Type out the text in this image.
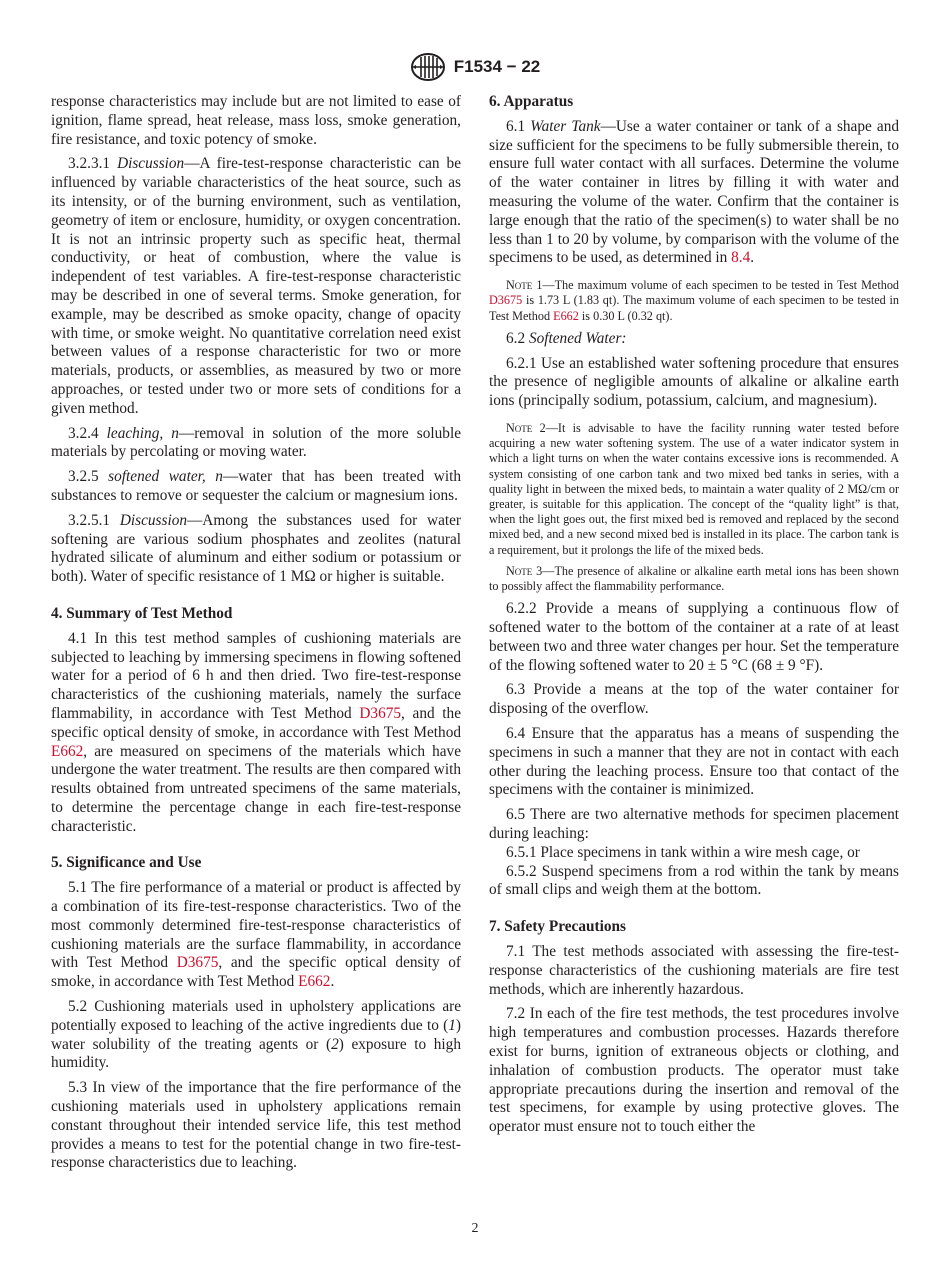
F1534 − 22

response characteristics may include but are not limited to ease of ignition, flame spread, heat release, mass loss, smoke generation, fire resistance, and toxic potency of smoke.

3.2.3.1 Discussion—A fire-test-response characteristic can be influenced by variable characteristics of the heat source, such as its intensity, or of the burning environment, such as ventilation, geometry of item or enclosure, humidity, or oxygen concentration. It is not an intrinsic property such as specific heat, thermal conductivity, or heat of combustion, where the value is independent of test variables. A fire-test-response characteristic may be described in one of several terms. Smoke generation, for example, may be described as smoke opacity, change of opacity with time, or smoke weight. No quantitative correlation need exist between values of a response characteristic for two or more materials, products, or assemblies, as measured by two or more approaches, or tested under two or more sets of conditions for a given method.

3.2.4 leaching, n—removal in solution of the more soluble materials by percolating or moving water.

3.2.5 softened water, n—water that has been treated with substances to remove or sequester the calcium or magnesium ions.

3.2.5.1 Discussion—Among the substances used for water softening are various sodium phosphates and zeolites (natural hydrated silicate of aluminum and either sodium or potassium or both). Water of specific resistance of 1 MΩ or higher is suitable.

4. Summary of Test Method

4.1 In this test method samples of cushioning materials are subjected to leaching by immersing specimens in flowing softened water for a period of 6 h and then dried. Two fire-test-response characteristics of the cushioning materials, namely the surface flammability, in accordance with Test Method D3675, and the specific optical density of smoke, in accordance with Test Method E662, are measured on specimens of the materials which have undergone the water treatment. The results are then compared with results obtained from untreated specimens of the same materials, to determine the percentage change in each fire-test-response characteristic.

5. Significance and Use

5.1 The fire performance of a material or product is affected by a combination of its fire-test-response characteristics. Two of the most commonly determined fire-test-response characteristics of cushioning materials are the surface flammability, in accordance with Test Method D3675, and the specific optical density of smoke, in accordance with Test Method E662.

5.2 Cushioning materials used in upholstery applications are potentially exposed to leaching of the active ingredients due to (1) water solubility of the treating agents or (2) exposure to high humidity.

5.3 In view of the importance that the fire performance of the cushioning materials used in upholstery applications remain constant throughout their intended service life, this test method provides a means to test for the potential change in two fire-test-response characteristics due to leaching.

6. Apparatus

6.1 Water Tank—Use a water container or tank of a shape and size sufficient for the specimens to be fully submersible therein, to ensure full water contact with all surfaces. Determine the volume of the water container in litres by filling it with water and measuring the volume of the water. Confirm that the container is large enough that the ratio of the specimen(s) to water shall be no less than 1 to 20 by volume, by comparison with the volume of the specimens to be used, as determined in 8.4.

Note 1—The maximum volume of each specimen to be tested in Test Method D3675 is 1.73 L (1.83 qt). The maximum volume of each specimen to be tested in Test Method E662 is 0.30 L (0.32 qt).

6.2 Softened Water:

6.2.1 Use an established water softening procedure that ensures the presence of negligible amounts of alkaline or alkaline earth ions (principally sodium, potassium, calcium, and magnesium).

Note 2—It is advisable to have the facility running water tested before acquiring a new water softening system. The use of a water indicator system in which a light turns on when the water contains excessive ions is recommended. A system consisting of one carbon tank and two mixed bed tanks in series, with a quality light in between the mixed beds, to maintain a water quality of 2 MΩ/cm or greater, is suitable for this application. The concept of the “quality light” is that, when the light goes out, the first mixed bed is removed and replaced by the second mixed bed, and a new second mixed bed is installed in its place. The carbon tank is a requirement, but it prolongs the life of the mixed beds.

Note 3—The presence of alkaline or alkaline earth metal ions has been shown to possibly affect the flammability performance.

6.2.2 Provide a means of supplying a continuous flow of softened water to the bottom of the container at a rate of at least between two and three water changes per hour. Set the temperature of the flowing softened water to 20 ± 5 °C (68 ± 9 °F).

6.3 Provide a means at the top of the water container for disposing of the overflow.

6.4 Ensure that the apparatus has a means of suspending the specimens in such a manner that they are not in contact with each other during the leaching process. Ensure too that contact of the specimens with the container is minimized.

6.5 There are two alternative methods for specimen placement during leaching:

6.5.1 Place specimens in tank within a wire mesh cage, or

6.5.2 Suspend specimens from a rod within the tank by means of small clips and weigh them at the bottom.

7. Safety Precautions

7.1 The test methods associated with assessing the fire-test-response characteristics of the cushioning materials are fire test methods, which are inherently hazardous.

7.2 In each of the fire test methods, the test procedures involve high temperatures and combustion processes. Hazards therefore exist for burns, ignition of extraneous objects or clothing, and inhalation of combustion products. The operator must take appropriate precautions during the insertion and removal of the test specimens, for example by using protective gloves. The operator must ensure not to touch either the

2
